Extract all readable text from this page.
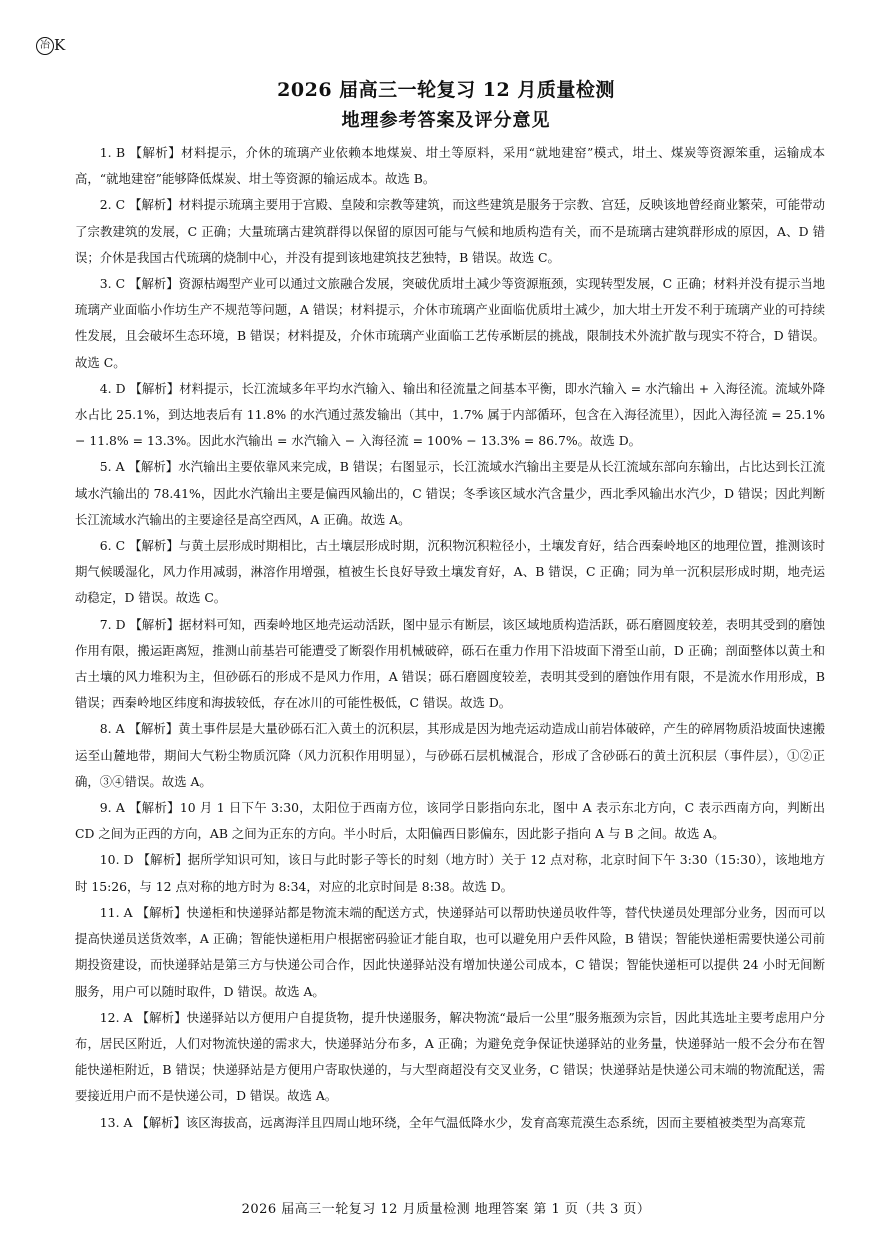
冶 K
2026 届高三一轮复习 12 月质量检测
地理参考答案及评分意见
1. B 【解析】材料提示，介休的琉璃产业依赖本地煤炭、坩土等原料，采用“就地建窑”模式，坩土、煤炭等资源笨重，运输成本高，“就地建窑”能够降低煤炭、坩土等资源的输运成本。故选 B。
2. C 【解析】材料提示琉璃主要用于宫殿、皇陵和宗教等建筑，而这些建筑是服务于宗教、宫廷，反映该地曾经商业繁荣，可能带动了宗教建筑的发展，C 正确；大量琉璃古建筑群得以保留的原因可能与气候和地质构造有关，而不是琉璃古建筑群形成的原因，A、D 错误；介休是我国古代琉璃的烧制中心，并没有提到该地建筑技艺独特，B 错误。故选 C。
3. C 【解析】资源枯竭型产业可以通过文旅融合发展，突破优质坩土减少等资源瓶颈，实现转型发展，C 正确；材料并没有提示当地琉璃产业面临小作坊生产不规范等问题，A 错误；材料提示，介休市琉璃产业面临优质坩土减少，加大坩土开发不利于琉璃产业的可持续性发展，且会破坏生态环境，B 错误；材料提及，介休市琉璃产业面临工艺传承断层的挑战，限制技术外流扩散与现实不符合，D 错误。故选 C。
4. D 【解析】材料提示，长江流域多年平均水汽输入、输出和径流量之间基本平衡，即水汽输入 = 水汽输出 + 入海径流。流域外降水占比 25.1%，到达地表后有 11.8% 的水汽通过蒸发输出（其中，1.7% 属于内部循环，包含在入海径流里），因此入海径流 = 25.1% − 11.8% = 13.3%。因此水汽输出 = 水汽输入 − 入海径流 = 100% − 13.3% = 86.7%。故选 D。
5. A 【解析】水汽输出主要依靠风来完成，B 错误；右图显示，长江流域水汽输出主要是从长江流域东部向东输出，占比达到长江流域水汽输出的 78.41%，因此水汽输出主要是偏西风输出的，C 错误；冬季该区域水汽含量少，西北季风输出水汽少，D 错误；因此判断长江流域水汽输出的主要途径是高空西风，A 正确。故选 A。
6. C 【解析】与黄土层形成时期相比，古土壤层形成时期，沉积物沉积粒径小，土壤发育好，结合西秦岭地区的地理位置，推测该时期气候暖湿化，风力作用减弱，淋溶作用增强，植被生长良好导致土壤发育好，A、B 错误，C 正确；同为单一沉积层形成时期，地壳运动稳定，D 错误。故选 C。
7. D 【解析】据材料可知，西秦岭地区地壳运动活跃，图中显示有断层，该区域地质构造活跃，砾石磨圆度较差，表明其受到的磨蚀作用有限，搬运距离短，推测山前基岩可能遭受了断裂作用机械破碎，砾石在重力作用下沿坡面下滑至山前，D 正确；剖面整体以黄土和古土壤的风力堆积为主，但砂砾石的形成不是风力作用，A 错误；砾石磨圆度较差，表明其受到的磨蚀作用有限，不是流水作用形成，B 错误；西秦岭地区纬度和海拔较低，存在冰川的可能性极低，C 错误。故选 D。
8. A 【解析】黄土事件层是大量砂砾石汇入黄土的沉积层，其形成是因为地壳运动造成山前岩体破碎，产生的碎屑物质沿坡面快速搬运至山麓地带，期间大气粉尘物质沉降（风力沉积作用明显），与砂砾石层机械混合，形成了含砂砾石的黄土沉积层（事件层），①②正确，③④错误。故选 A。
9. A 【解析】10 月 1 日下午 3:30，太阳位于西南方位，该同学日影指向东北，图中 A 表示东北方向，C 表示西南方向，判断出 CD 之间为正西的方向，AB 之间为正东的方向。半小时后，太阳偏西日影偏东，因此影子指向 A 与 B 之间。故选 A。
10. D 【解析】据所学知识可知，该日与此时影子等长的时刻（地方时）关于 12 点对称，北京时间下午 3:30（15:30），该地地方时 15:26，与 12 点对称的地方时为 8:34，对应的北京时间是 8:38。故选 D。
11. A 【解析】快递柜和快递驿站都是物流末端的配送方式，快递驿站可以帮助快递员收件等，替代快递员处理部分业务，因而可以提高快递员送货效率，A 正确；智能快递柜用户根据密码验证才能自取，也可以避免用户丢件风险，B 错误；智能快递柜需要快递公司前期投资建设，而快递驿站是第三方与快递公司合作，因此快递驿站没有增加快递公司成本，C 错误；智能快递柜可以提供 24 小时无间断服务，用户可以随时取件，D 错误。故选 A。
12. A 【解析】快递驿站以方便用户自提货物，提升快递服务，解决物流“最后一公里”服务瓶颈为宗旨，因此其选址主要考虑用户分布，居民区附近，人们对物流快递的需求大，快递驿站分布多，A 正确；为避免竞争保证快递驿站的业务量，快递驿站一般不会分布在智能快递柜附近，B 错误；快递驿站是方便用户寄取快递的，与大型商超没有交叉业务，C 错误；快递驿站是快递公司末端的物流配送，需要接近用户而不是快递公司，D 错误。故选 A。
13. A 【解析】该区海拔高，远离海洋且四周山地环绕，全年气温低降水少，发育高寒荒漠生态系统，因而主要植被类型为高寒荒
2026 届高三一轮复习 12 月质量检测 地理答案 第 1 页（共 3 页）
